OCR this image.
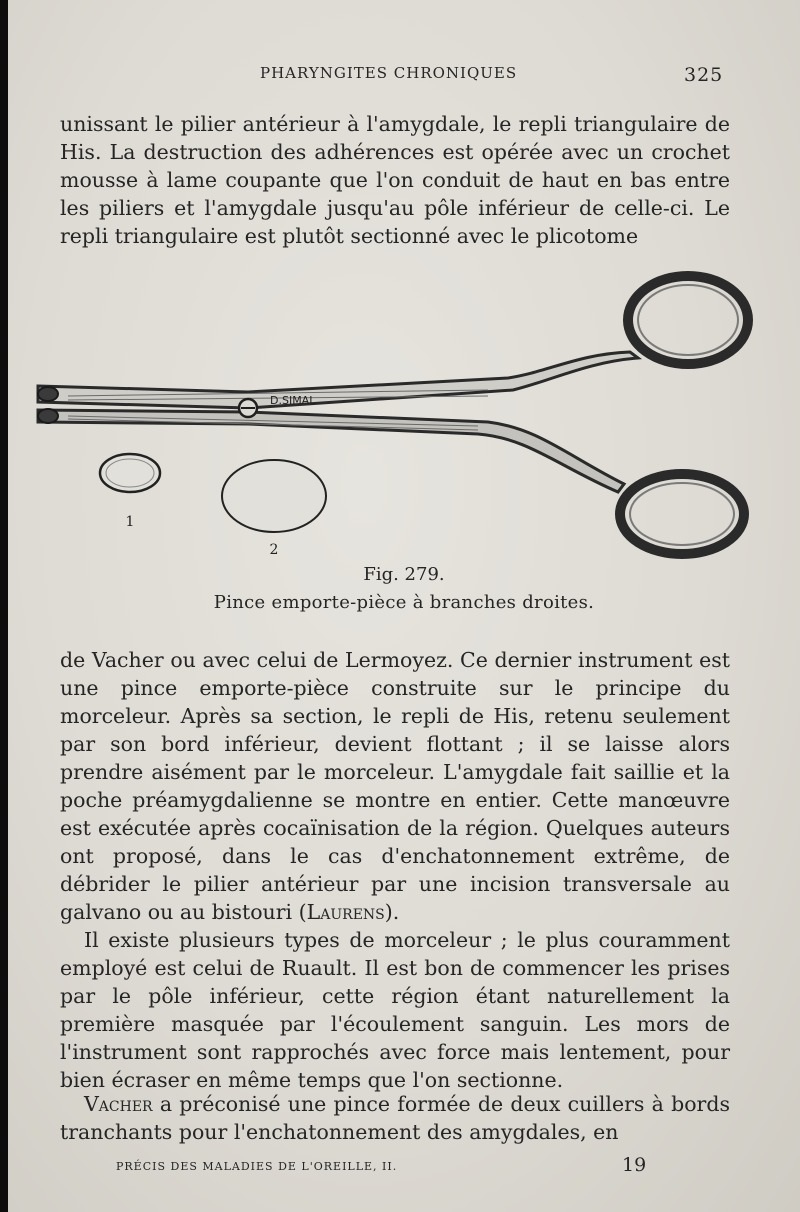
PHARYNGITES CHRONIQUES	325

unissant le pilier antérieur à l'amygdale, le repli triangulaire de His. La destruction des adhérences est opérée avec un crochet mousse à lame coupante que l'on conduit de haut en bas entre les piliers et l'amygdale jusqu'au pôle inférieur de celle-ci. Le repli triangulaire est plutôt sectionné avec le plicotome

D.SIMAL
1
2
Fig. 279.
Pince emporte-pièce à branches droites.

de Vacher ou avec celui de Lermoyez. Ce dernier instrument est une pince emporte-pièce construite sur le principe du morceleur. Après sa section, le repli de His, retenu seulement par son bord inférieur, devient flottant ; il se laisse alors prendre aisément par le morceleur. L'amygdale fait saillie et la poche préamygdalienne se montre en entier. Cette manœuvre est exécutée après cocaïnisation de la région. Quelques auteurs ont proposé, dans le cas d'enchatonnement extrême, de débrider le pilier antérieur par une incision transversale au galvano ou au bistouri (Laurens).

Il existe plusieurs types de morceleur ; le plus couramment employé est celui de Ruault. Il est bon de commencer les prises par le pôle inférieur, cette région étant naturellement la première masquée par l'écoulement sanguin. Les mors de l'instrument sont rapprochés avec force mais lentement, pour bien écraser en même temps que l'on sectionne.

Vacher a préconisé une pince formée de deux cuillers à bords tranchants pour l'enchatonnement des amygdales, en

PRÉCIS DES MALADIES DE L'OREILLE, II.	19
